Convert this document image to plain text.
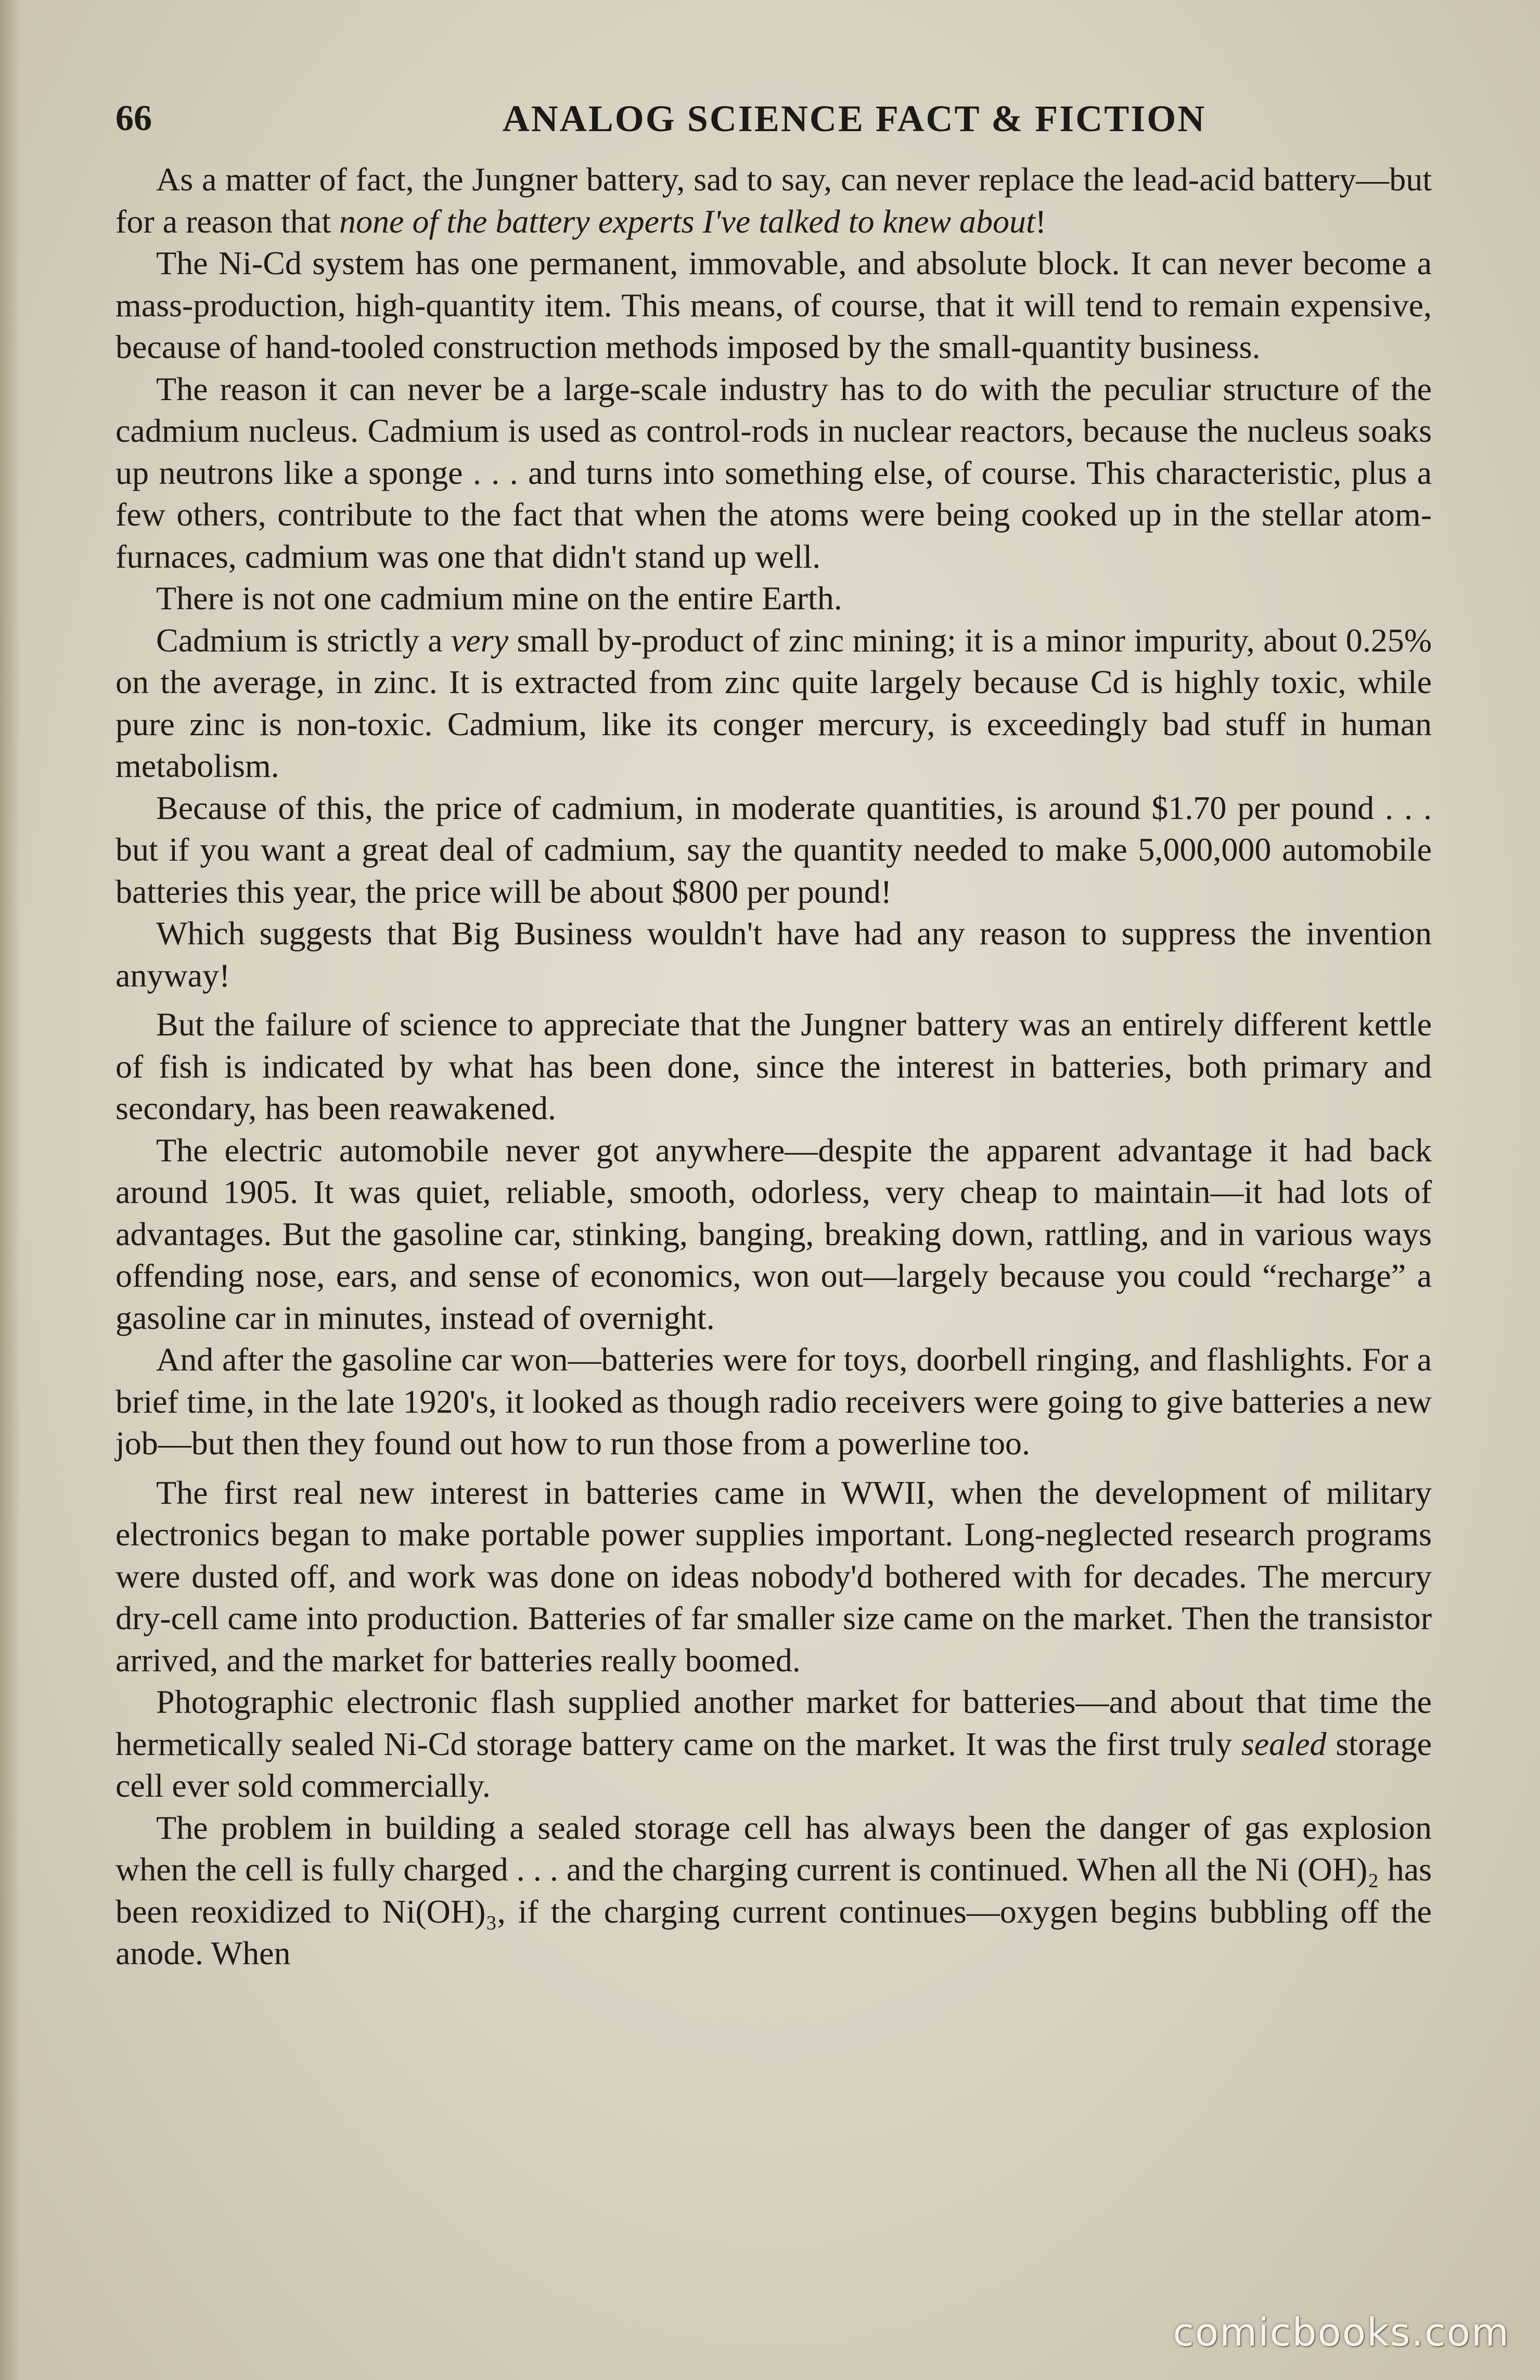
66	ANALOG SCIENCE FACT & FICTION

As a matter of fact, the Jungner battery, sad to say, can never replace the lead-acid battery—but for a reason that none of the battery experts I've talked to knew about!

The Ni-Cd system has one permanent, immovable, and absolute block. It can never become a mass-production, high-quantity item. This means, of course, that it will tend to remain expensive, because of hand-tooled construction methods imposed by the small-quantity business.

The reason it can never be a large-scale industry has to do with the peculiar structure of the cadmium nucleus. Cadmium is used as control-rods in nuclear reactors, because the nucleus soaks up neutrons like a sponge . . . and turns into something else, of course. This characteristic, plus a few others, contribute to the fact that when the atoms were being cooked up in the stellar atom-furnaces, cadmium was one that didn't stand up well.

There is not one cadmium mine on the entire Earth.

Cadmium is strictly a very small by-product of zinc mining; it is a minor impurity, about 0.25% on the average, in zinc. It is extracted from zinc quite largely because Cd is highly toxic, while pure zinc is non-toxic. Cadmium, like its conger mercury, is exceedingly bad stuff in human metabolism.

Because of this, the price of cadmium, in moderate quantities, is around $1.70 per pound . . . but if you want a great deal of cadmium, say the quantity needed to make 5,000,000 automobile batteries this year, the price will be about $800 per pound!

Which suggests that Big Business wouldn't have had any reason to suppress the invention anyway!

But the failure of science to appreciate that the Jungner battery was an entirely different kettle of fish is indicated by what has been done, since the interest in batteries, both primary and secondary, has been reawakened.

The electric automobile never got anywhere—despite the apparent advantage it had back around 1905. It was quiet, reliable, smooth, odorless, very cheap to maintain—it had lots of advantages. But the gasoline car, stinking, banging, breaking down, rattling, and in various ways offending nose, ears, and sense of economics, won out—largely because you could “recharge” a gasoline car in minutes, instead of overnight.

And after the gasoline car won—batteries were for toys, doorbell ringing, and flashlights. For a brief time, in the late 1920's, it looked as though radio receivers were going to give batteries a new job—but then they found out how to run those from a powerline too.

The first real new interest in batteries came in WWII, when the development of military electronics began to make portable power supplies important. Long-neglected research programs were dusted off, and work was done on ideas nobody'd bothered with for decades. The mercury dry-cell came into production. Batteries of far smaller size came on the market. Then the transistor arrived, and the market for batteries really boomed.

Photographic electronic flash supplied another market for batteries—and about that time the hermetically sealed Ni-Cd storage battery came on the market. It was the first truly sealed storage cell ever sold commercially.

The problem in building a sealed storage cell has always been the danger of gas explosion when the cell is fully charged . . . and the charging current is continued. When all the Ni (OH)₂ has been reoxidized to Ni(OH)₃, if the charging current continues—oxygen begins bubbling off the anode. When

comicbooks.com
